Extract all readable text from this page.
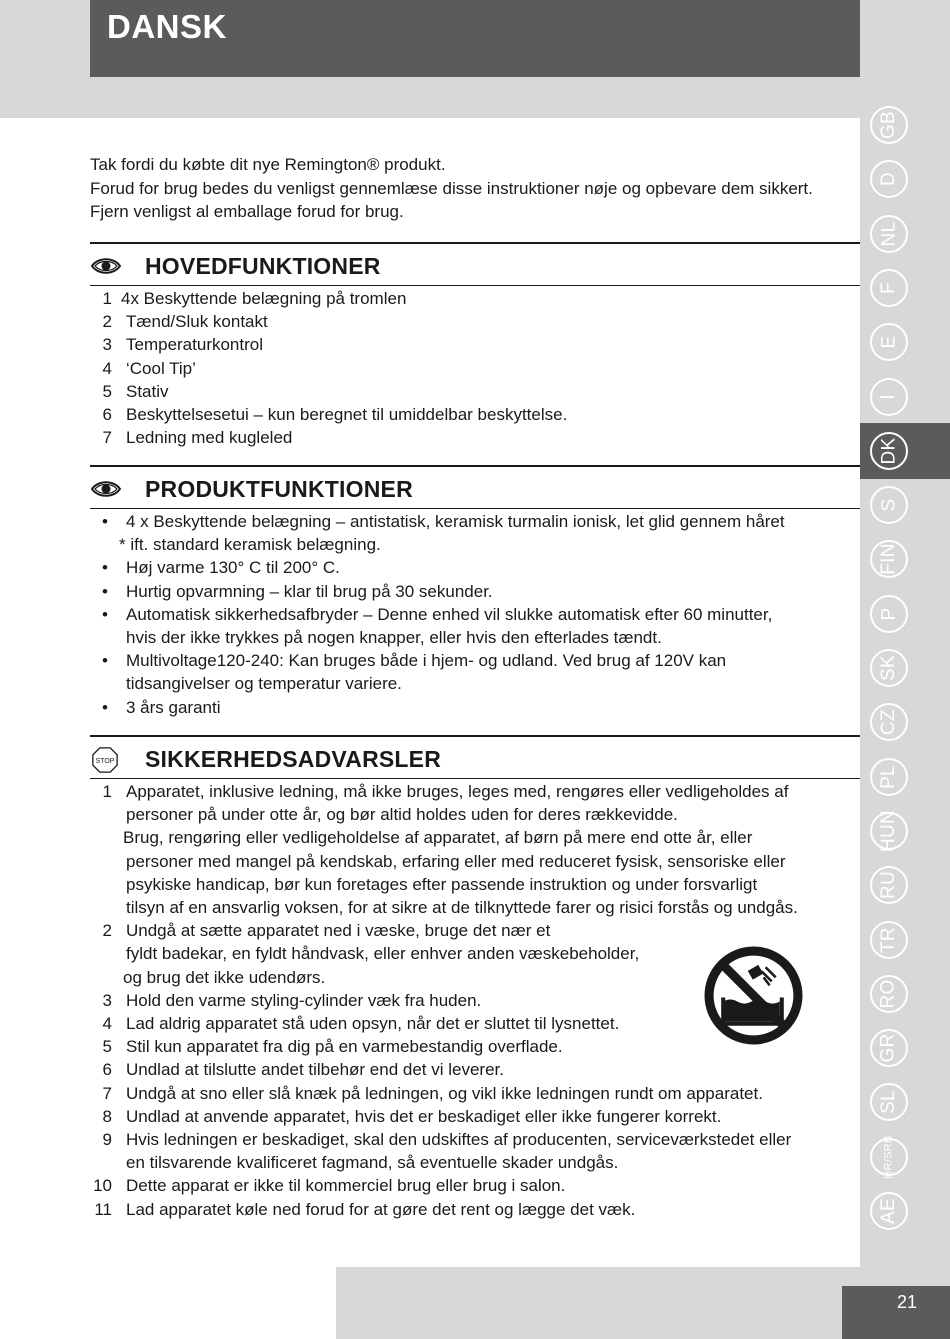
DANSK
GB
D
NL
F
E
I
DK
S
FIN
P
SK
CZ
PL
HUN
RU
TR
RO
GR
SL
HR/SRB
AE
21

Tak fordi du købte dit nye Remington® produkt.

Forud for brug bedes du venligst gennemlæse disse instruktioner nøje og opbevare dem sikkert. Fjern venligst al emballage forud for brug.

HOVEDFUNKTIONER
1 4x Beskyttende belægning på tromlen
2 Tænd/Sluk kontakt
3 Temperaturkontrol
4 ‘Cool Tip’
5 Stativ
6 Beskyttelsesetui – kun beregnet til umiddelbar beskyttelse.
7 Ledning med kugleled
PRODUKTFUNKTIONER
• 4 x Beskyttende belægning – antistatisk, keramisk turmalin ionisk, let glid gennem håret
* ift. standard keramisk belægning.
• Høj varme 130° C til 200° C.
• Hurtig opvarmning – klar til brug på 30 sekunder.
• Automatisk sikkerhedsafbryder – Denne enhed vil slukke automatisk efter 60 minutter,
hvis der ikke trykkes på nogen knapper, eller hvis den efterlades tændt.
• Multivoltage120-240: Kan bruges både i hjem- og udland. Ved brug af 120V kan
tidsangivelser og temperatur variere.
• 3 års garanti
STOP SIKKERHEDSADVARSLER
1 Apparatet, inklusive ledning, må ikke bruges, leges med, rengøres eller vedligeholdes af
personer på under otte år, og bør altid holdes uden for deres rækkevidde.
Brug, rengøring eller vedligeholdelse af apparatet, af børn på mere end otte år, eller
personer med mangel på kendskab, erfaring eller med reduceret fysisk, sensoriske eller
psykiske handicap, bør kun foretages efter passende instruktion og under forsvarligt
tilsyn af en ansvarlig voksen, for at sikre at de tilknyttede farer og risici forstås og undgås.
2 Undgå at sætte apparatet ned i væske, bruge det nær et
fyldt badekar, en fyldt håndvask, eller enhver anden væskebeholder,
og brug det ikke udendørs.
3 Hold den varme styling-cylinder væk fra huden.
4 Lad aldrig apparatet stå uden opsyn, når det er sluttet til lysnettet.
5 Stil kun apparatet fra dig på en varmebestandig overflade.
6 Undlad at tilslutte andet tilbehør end det vi leverer.
7 Undgå at sno eller slå knæk på ledningen, og vikl ikke ledningen rundt om apparatet.
8 Undlad at anvende apparatet, hvis det er beskadiget eller ikke fungerer korrekt.
9 Hvis ledningen er beskadiget, skal den udskiftes af producenten, serviceværkstedet eller
en tilsvarende kvalificeret fagmand, så eventuelle skader undgås.
10 Dette apparat er ikke til kommerciel brug eller brug i salon.
11 Lad apparatet køle ned forud for at gøre det rent og lægge det væk.
